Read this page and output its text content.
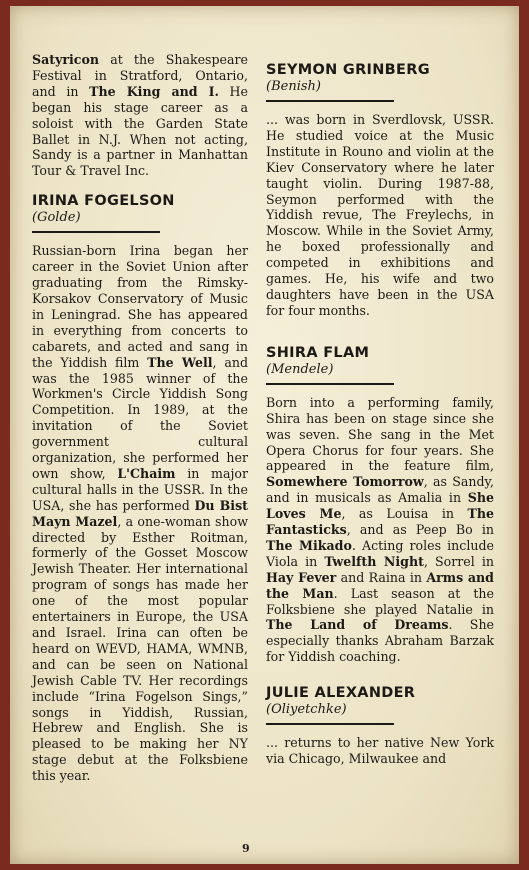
Satyricon at the Shakespeare Festival in Stratford, Ontario, and in The King and I. He began his stage career as a soloist with the Garden State Ballet in N.J. When not acting, Sandy is a partner in Manhattan Tour & Travel Inc.

IRINA FOGELSON

(Golde)

Russian-born Irina began her career in the Soviet Union after graduating from the Rimsky-Korsakov Conservatory of Music in Leningrad. She has appeared in everything from concerts to cabarets, and acted and sang in the Yiddish film The Well, and was the 1985 winner of the Workmen's Circle Yiddish Song Competition. In 1989, at the invitation of the Soviet government cultural organization, she performed her own show, L'Chaim in major cultural halls in the USSR. In the USA, she has performed Du Bist Mayn Mazel, a one-woman show directed by Esther Roitman, formerly of the Gosset Moscow Jewish Theater. Her international program of songs has made her one of the most popular entertainers in Europe, the USA and Israel. Irina can often be heard on WEVD, HAMA, WMNB, and can be seen on National Jewish Cable TV. Her recordings include “Irina Fogelson Sings,” songs in Yiddish, Russian, Hebrew and English. She is pleased to be making her NY stage debut at the Folksbiene this year.

SEYMON GRINBERG

(Benish)

... was born in Sverdlovsk, USSR. He studied voice at the Music Institute in Rouno and violin at the Kiev Conservatory where he later taught violin. During 1987-88, Seymon performed with the Yiddish revue, The Freylechs, in Moscow. While in the Soviet Army, he boxed professionally and competed in exhibitions and games. He, his wife and two daughters have been in the USA for four months.

SHIRA FLAM

(Mendele)

Born into a performing family, Shira has been on stage since she was seven. She sang in the Met Opera Chorus for four years. She appeared in the feature film, Somewhere Tomorrow, as Sandy, and in musicals as Amalia in She Loves Me, as Louisa in The Fantasticks, and as Peep Bo in The Mikado. Acting roles include Viola in Twelfth Night, Sorrel in Hay Fever and Raina in Arms and the Man. Last season at the Folksbiene she played Natalie in The Land of Dreams. She especially thanks Abraham Barzak for Yiddish coaching.

JULIE ALEXANDER

(Oliyetchke)

... returns to her native New York via Chicago, Milwaukee and

9
